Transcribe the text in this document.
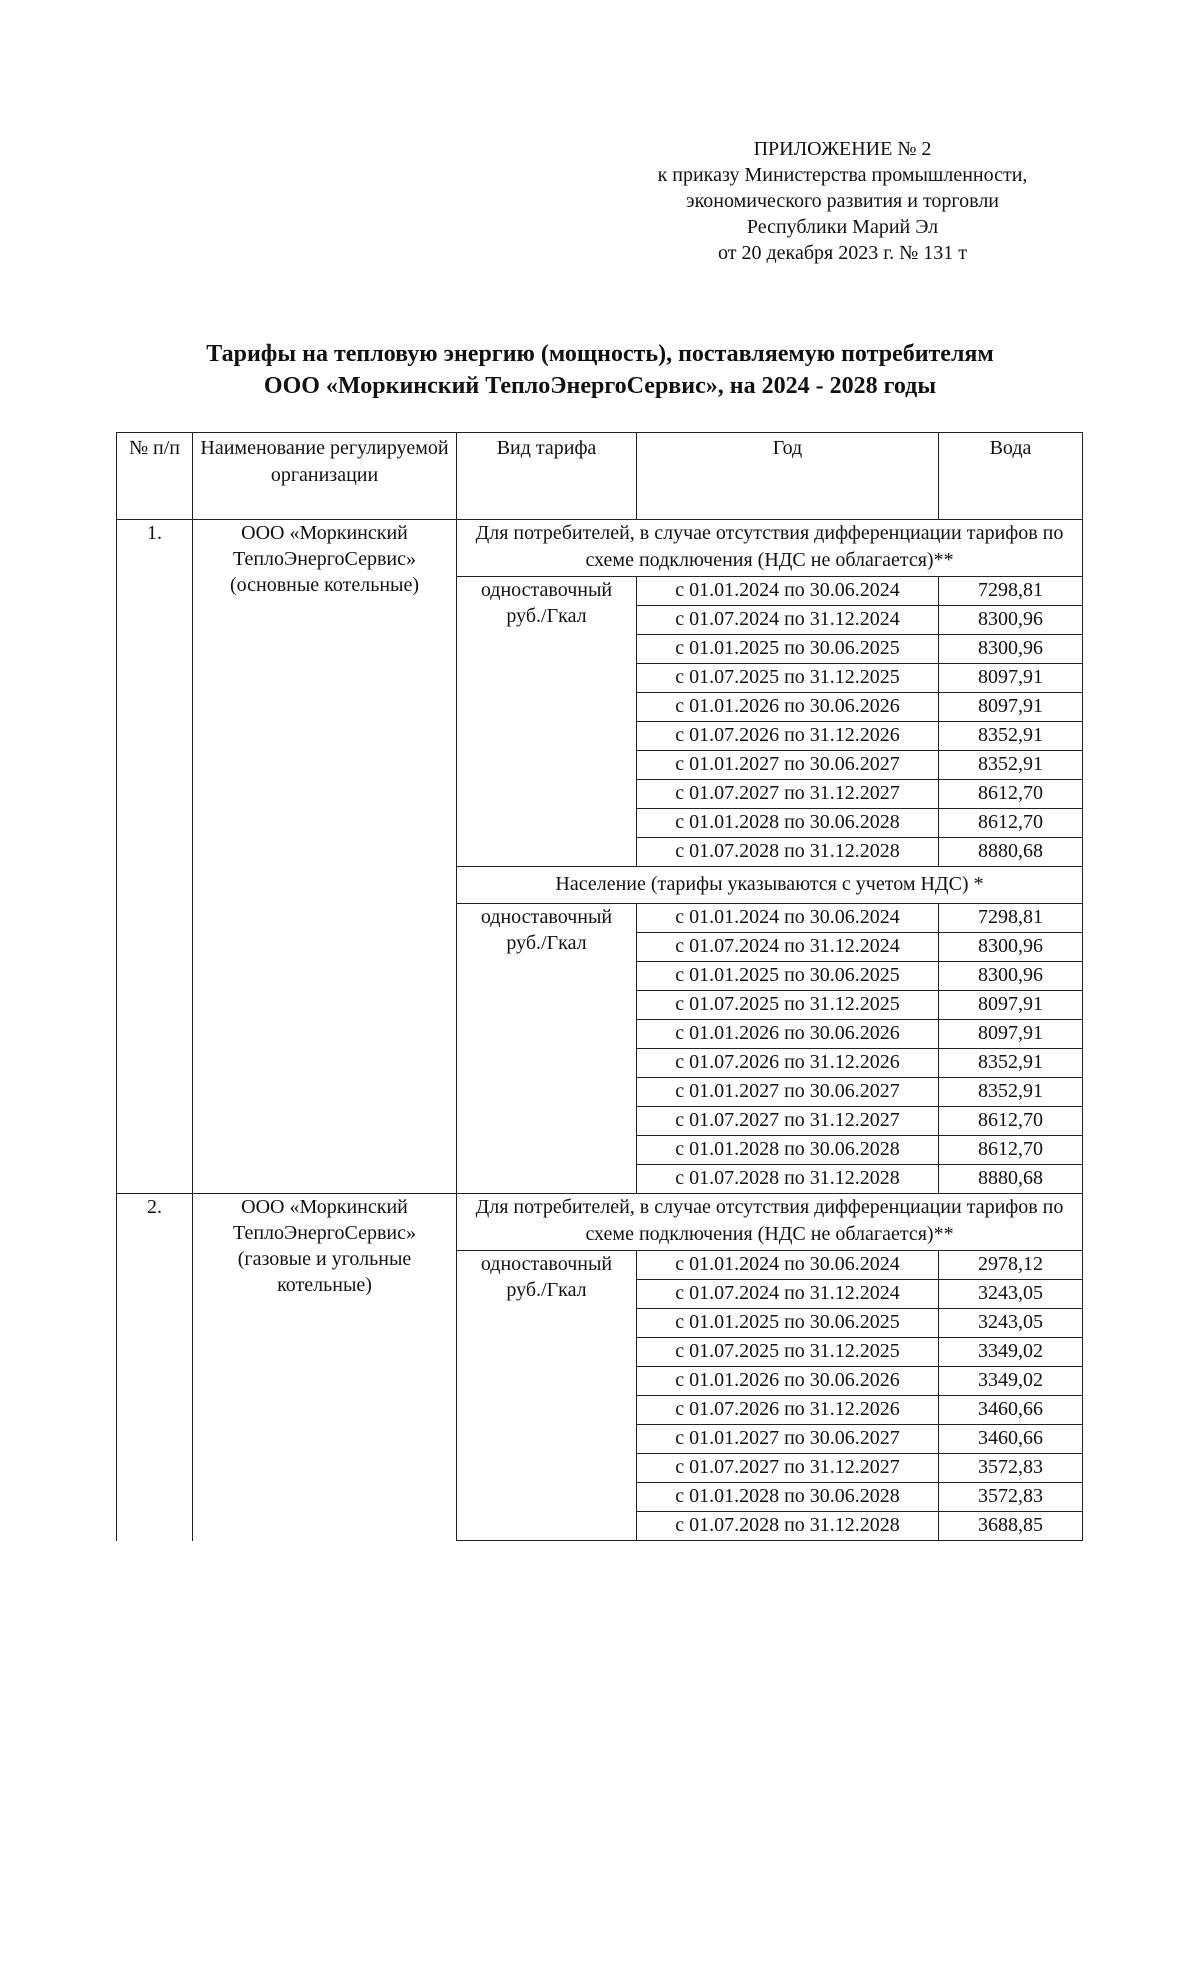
ПРИЛОЖЕНИЕ № 2
к приказу Министерства промышленности,
экономического развития и торговли
Республики Марий Эл
от 20 декабря 2023 г. № 131 т
Тарифы на тепловую энергию (мощность), поставляемую потребителям
ООО «Моркинский ТеплоЭнергоСервис», на 2024 - 2028 годы
№ п/п	Наименование регулируемой организации	Вид тарифа	Год	Вода
1.	ООО «Моркинский ТеплоЭнергоСервис» (основные котельные)	Для потребителей, в случае отсутствия дифференциации тарифов по схеме подключения (НДС не облагается)**		
		одноставочный руб./Гкал	с 01.01.2024 по 30.06.2024	7298,81
			с 01.07.2024 по 31.12.2024	8300,96
			с 01.01.2025 по 30.06.2025	8300,96
			с 01.07.2025 по 31.12.2025	8097,91
			с 01.01.2026 по 30.06.2026	8097,91
			с 01.07.2026 по 31.12.2026	8352,91
			с 01.01.2027 по 30.06.2027	8352,91
			с 01.07.2027 по 31.12.2027	8612,70
			с 01.01.2028 по 30.06.2028	8612,70
			с 01.07.2028 по 31.12.2028	8880,68
		Население (тарифы указываются с учетом НДС) *		
		одноставочный руб./Гкал	с 01.01.2024 по 30.06.2024	7298,81
			с 01.07.2024 по 31.12.2024	8300,96
			с 01.01.2025 по 30.06.2025	8300,96
			с 01.07.2025 по 31.12.2025	8097,91
			с 01.01.2026 по 30.06.2026	8097,91
			с 01.07.2026 по 31.12.2026	8352,91
			с 01.01.2027 по 30.06.2027	8352,91
			с 01.07.2027 по 31.12.2027	8612,70
			с 01.01.2028 по 30.06.2028	8612,70
			с 01.07.2028 по 31.12.2028	8880,68
2.	ООО «Моркинский ТеплоЭнергоСервис» (газовые и угольные котельные)	Для потребителей, в случае отсутствия дифференциации тарифов по схеме подключения (НДС не облагается)**		
		одноставочный руб./Гкал	с 01.01.2024 по 30.06.2024	2978,12
			с 01.07.2024 по 31.12.2024	3243,05
			с 01.01.2025 по 30.06.2025	3243,05
			с 01.07.2025 по 31.12.2025	3349,02
			с 01.01.2026 по 30.06.2026	3349,02
			с 01.07.2026 по 31.12.2026	3460,66
			с 01.01.2027 по 30.06.2027	3460,66
			с 01.07.2027 по 31.12.2027	3572,83
			с 01.01.2028 по 30.06.2028	3572,83
			с 01.07.2028 по 31.12.2028	3688,85
